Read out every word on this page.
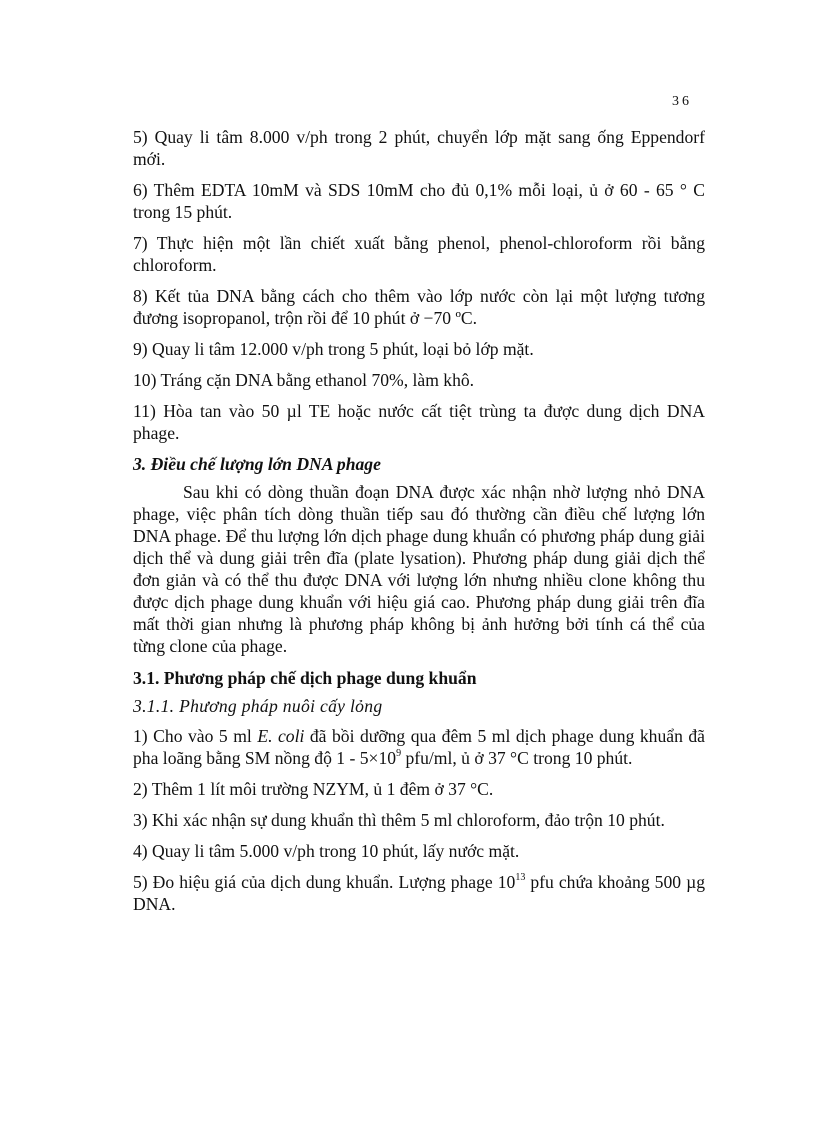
36

5) Quay li tâm 8.000 v/ph trong 2 phút, chuyển lớp mặt sang ống Eppendorf mới.

6) Thêm EDTA 10mM và SDS 10mM cho đủ 0,1% mỗi loại, ủ ở 60 - 65 ° C trong 15 phút.

7) Thực hiện một lần chiết xuất bằng phenol, phenol-chloroform rồi bằng chloroform.

8) Kết tủa DNA bằng cách cho thêm vào lớp nước còn lại một lượng tương đương isopropanol, trộn rồi để 10 phút ở −70 ºC.

9) Quay li tâm 12.000 v/ph trong 5 phút, loại bỏ lớp mặt.

10) Tráng cặn DNA bằng ethanol 70%, làm khô.

11) Hòa tan vào 50 µl TE hoặc nước cất tiệt trùng ta được dung dịch DNA phage.

3. Điều chế lượng lớn DNA phage

Sau khi có dòng thuần đoạn DNA được xác nhận nhờ lượng nhỏ DNA phage, việc phân tích dòng thuần tiếp sau đó thường cần điều chế lượng lớn DNA phage. Để thu lượng lớn dịch phage dung khuẩn có phương pháp dung giải dịch thể và dung giải trên đĩa (plate lysation). Phương pháp dung giải dịch thể đơn giản và có thể thu được DNA với lượng lớn nhưng nhiều clone không thu được dịch phage dung khuẩn với hiệu giá cao. Phương pháp dung giải trên đĩa mất thời gian nhưng là phương pháp không bị ảnh hưởng bởi tính cá thể của từng clone của phage.

3.1. Phương pháp chế dịch phage dung khuẩn

3.1.1. Phương pháp nuôi cấy lỏng

1) Cho vào 5 ml E. coli đã bồi dưỡng qua đêm 5 ml dịch phage dung khuẩn đã pha loãng bằng SM nồng độ $1 - 5\times 10^9$ pfu/ml, ủ ở 37 °C trong 10 phút.

2) Thêm 1 lít môi trường NZYM, ủ 1 đêm ở 37 °C.

3) Khi xác nhận sự dung khuẩn thì thêm 5 ml chloroform, đảo trộn 10 phút.

4) Quay li tâm 5.000 v/ph trong 10 phút, lấy nước mặt.

5) Đo hiệu giá của dịch dung khuẩn. Lượng phage $10^{13}$ pfu chứa khoảng 500 µg DNA.
